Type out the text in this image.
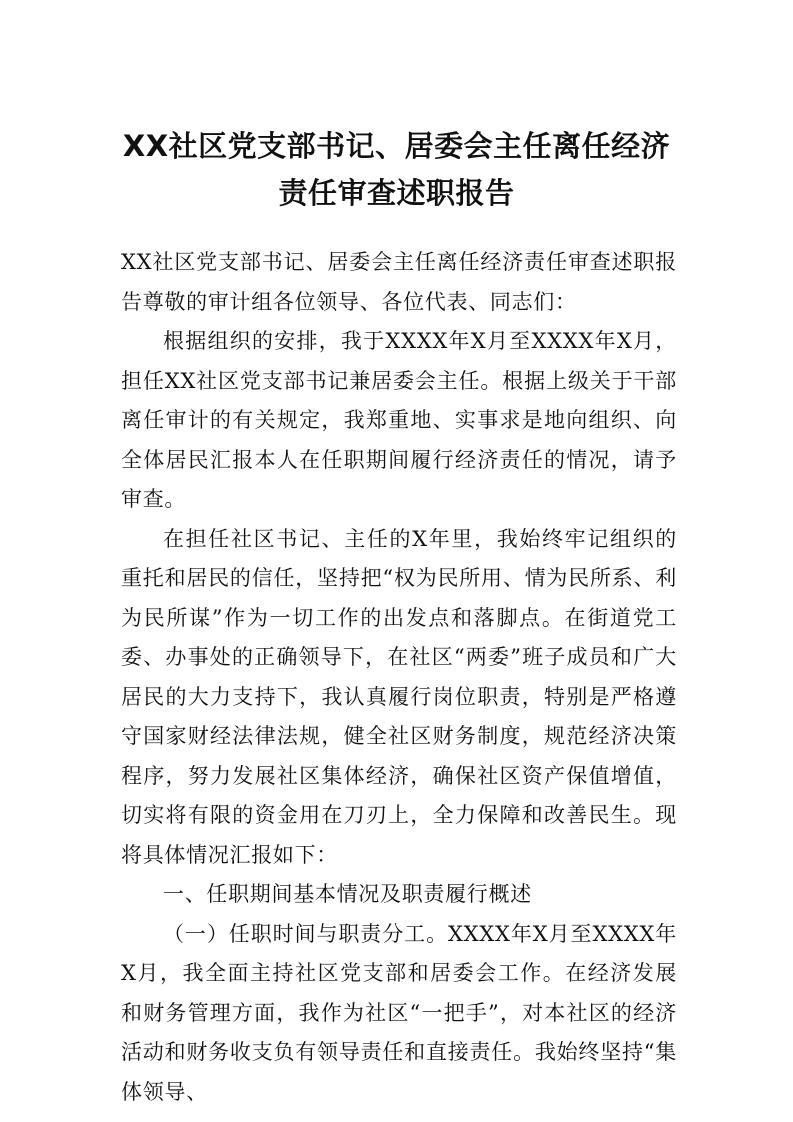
XX社区党支部书记、居委会主任离任经济
责任审查述职报告

XX社区党支部书记、居委会主任离任经济责任审查述职报告尊敬的审计组各位领导、各位代表、同志们：

根据组织的安排，我于XXXX年X月至XXXX年X月，担任XX社区党支部书记兼居委会主任。根据上级关于干部离任审计的有关规定，我郑重地、实事求是地向组织、向全体居民汇报本人在任职期间履行经济责任的情况，请予审查。

在担任社区书记、主任的X年里，我始终牢记组织的重托和居民的信任，坚持把“权为民所用、情为民所系、利为民所谋”作为一切工作的出发点和落脚点。在街道党工委、办事处的正确领导下，在社区“两委”班子成员和广大居民的大力支持下，我认真履行岗位职责，特别是严格遵守国家财经法律法规，健全社区财务制度，规范经济决策程序，努力发展社区集体经济，确保社区资产保值增值，切实将有限的资金用在刀刃上，全力保障和改善民生。现将具体情况汇报如下：

一、任职期间基本情况及职责履行概述

（一）任职时间与职责分工。XXXX年X月至XXXX年X月，我全面主持社区党支部和居委会工作。在经济发展和财务管理方面，我作为社区“一把手”，对本社区的经济活动和财务收支负有领导责任和直接责任。我始终坚持“集体领导、
